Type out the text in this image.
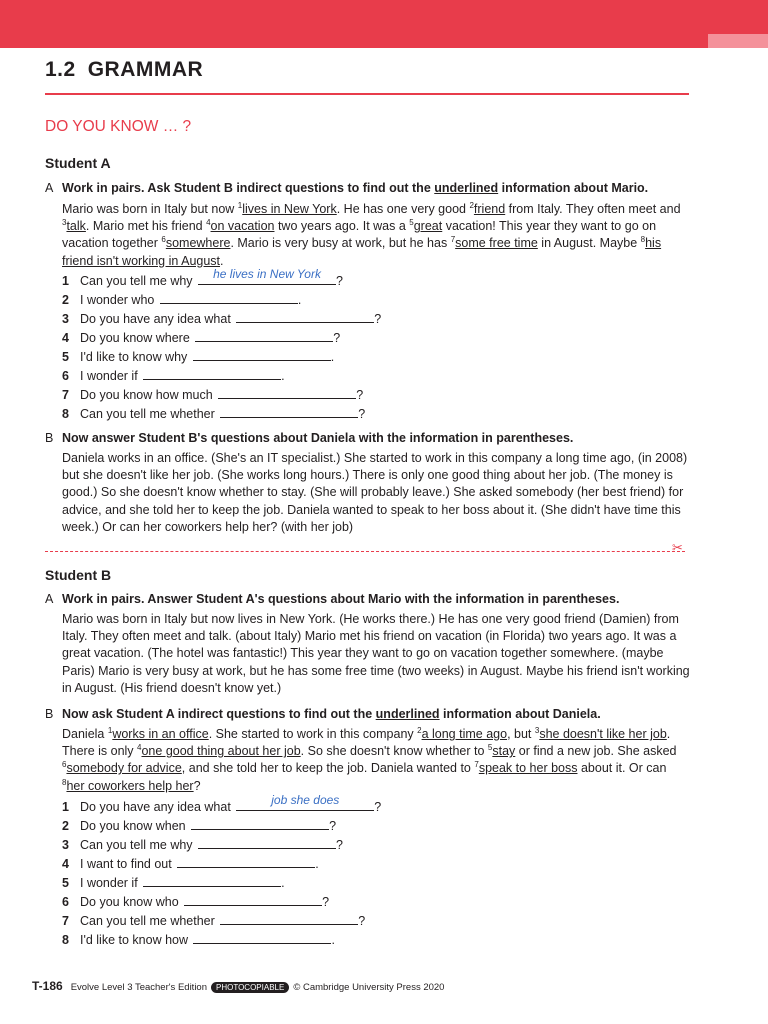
1.2 GRAMMAR
DO YOU KNOW … ?
Student A
A Work in pairs. Ask Student B indirect questions to find out the underlined information about Mario.
Mario was born in Italy but now $^1$lives in New York. He has one very good $^2$friend from Italy. They often meet and $^3$talk. Mario met his friend $^4$on vacation two years ago. It was a $^5$great vacation! This year they want to go on vacation together $^6$somewhere. Mario is very busy at work, but he has $^7$some free time in August. Maybe $^8$his friend isn't working in August.
1 Can you tell me why	he lives in New York	?
2 I wonder who	.
3 Do you have any idea what	?
4 Do you know where	?
5 I'd like to know why	.
6 I wonder if	.
7 Do you know how much	?
8 Can you tell me whether	?
B Now answer Student B's questions about Daniela with the information in parentheses.
Daniela works in an office. (She's an IT specialist.) She started to work in this company a long time ago, (in 2008) but she doesn't like her job. (She works long hours.) There is only one good thing about her job. (The money is good.) So she doesn't know whether to stay. (She will probably leave.) She asked somebody (her best friend) for advice, and she told her to keep the job. Daniela wanted to speak to her boss about it. (She didn't have time this week.) Or can her coworkers help her? (with her job)
✂
Student B
A Work in pairs. Answer Student A's questions about Mario with the information in parentheses.
Mario was born in Italy but now lives in New York. (He works there.) He has one very good friend (Damien) from Italy. They often meet and talk. (about Italy) Mario met his friend on vacation (in Florida) two years ago. It was a great vacation. (The hotel was fantastic!) This year they want to go on vacation together somewhere. (maybe Paris) Mario is very busy at work, but he has some free time (two weeks) in August. Maybe his friend isn't working in August. (His friend doesn't know yet.)
B Now ask Student A indirect questions to find out the underlined information about Daniela.
Daniela $^1$works in an office. She started to work in this company $^2$a long time ago, but $^3$she doesn't like her job. There is only $^4$one good thing about her job. So she doesn't know whether to $^5$stay or find a new job. She asked $^6$somebody for advice, and she told her to keep the job. Daniela wanted to $^7$speak to her boss about it. Or can $^8$her coworkers help her?
1 Do you have any idea what	job she does	?
2 Do you know when	?
3 Can you tell me why	?
4 I want to find out	.
5 I wonder if	.
6 Do you know who	?
7 Can you tell me whether	?
8 I'd like to know how	.
T-186 Evolve Level 3 Teacher's Edition PHOTOCOPIABLE © Cambridge University Press 2020
